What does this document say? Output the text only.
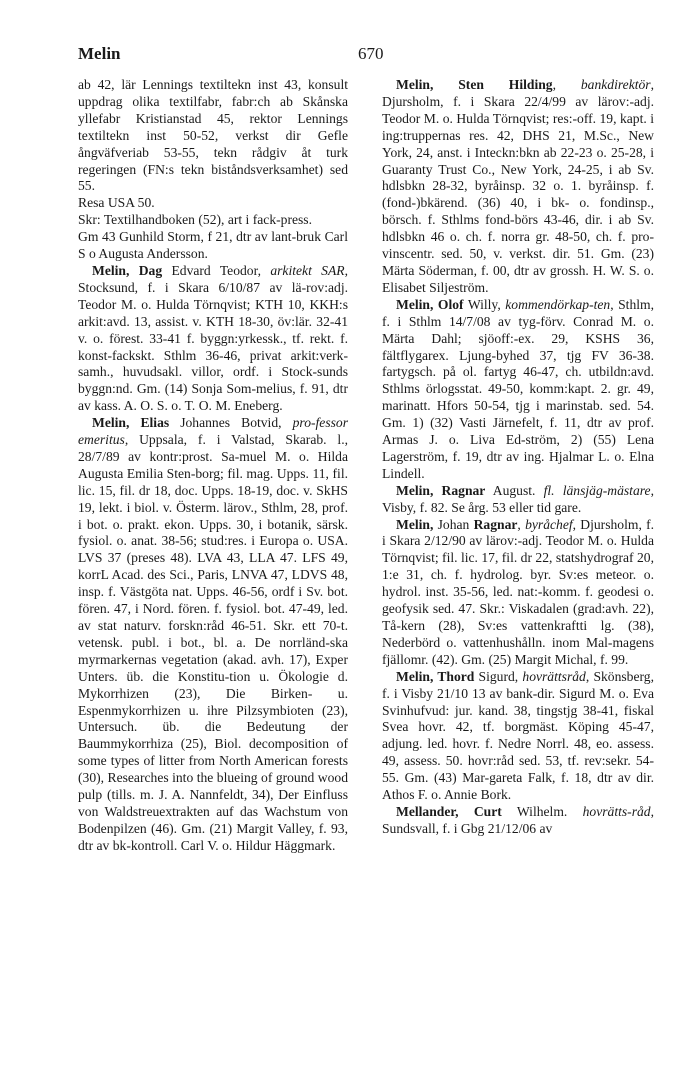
Melin	670

ab 42, lär Lennings textiltekn inst 43, konsult uppdrag olika textilfabr, fabr:ch ab Skånska yllefabr Kristianstad 45, rektor Lennings textiltekn inst 50-52, verkst dir Gefle ångväfveriab 53-55, tekn rådgiv åt turk regeringen (FN:s tekn biståndsverksamhet) sed 55.

Resa USA 50.

Skr: Textilhandboken (52), art i fack-press.

Gm 43 Gunhild Storm, f 21, dtr av lant-bruk Carl S o Augusta Andersson.

Melin, Dag Edvard Teodor, arkitekt SAR, Stocksund, f. i Skara 6/10/87 av lä-rov:adj. Teodor M. o. Hulda Törnqvist; KTH 10, KKH:s arkit:avd. 13, assist. v. KTH 18-30, öv:lär. 32-41 v. o. förest. 33-41 f. byggn:yrkessk., tf. rekt. f. konst-fackskt. Sthlm 36-46, privat arkit:verk-samh., huvudsakl. villor, ordf. i Stock-sunds byggn:nd. Gm. (14) Sonja Som-melius, f. 91, dtr av kass. A. O. S. o. T. O. M. Eneberg.

Melin, Elias Johannes Botvid, pro-fessor emeritus, Uppsala, f. i Valstad, Skarab. l., 28/7/89 av kontr:prost. Sa-muel M. o. Hilda Augusta Emilia Sten-borg; fil. mag. Upps. 11, fil. lic. 15, fil. dr 18, doc. Upps. 18-19, doc. v. SkHS 19, lekt. i biol. v. Österm. lärov., Sthlm, 28, prof. i bot. o. prakt. ekon. Upps. 30, i botanik, särsk. fysiol. o. anat. 38-56; stud:res. i Europa o. USA. LVS 37 (preses 48). LVA 43, LLA 47. LFS 49, korrL Acad. des Sci., Paris, LNVA 47, LDVS 48, insp. f. Västgöta nat. Upps. 46-56, ordf i Sv. bot. fören. 47, i Nord. fören. f. fysiol. bot. 47-49, led. av stat naturv. forskn:råd 46-51. Skr. ett 70-t. vetensk. publ. i bot., bl. a. De norrländ-ska myrmarkernas vegetation (akad. avh. 17), Exper Unters. üb. die Konstitu-tion u. Ökologie d. Mykorrhizen (23), Die Birken- u. Espenmykorrhizen u. ihre Pilzsymbioten (23), Untersuch. üb. die Bedeutung der Baummykorrhiza (25), Biol. decomposition of some types of litter from North American forests (30), Researches into the blueing of ground wood pulp (tills. m. J. A. Nannfeldt, 34), Der Einfluss von Waldstreuextrakten auf das Wachstum von Bodenpilzen (46). Gm. (21) Margit Valley, f. 93, dtr av bk-kontroll. Carl V. o. Hildur Häggmark.

Melin, Sten Hilding, bankdirektör, Djursholm, f. i Skara 22/4/99 av lärov:-adj. Teodor M. o. Hulda Törnqvist; res:-off. 19, kapt. i ing:truppernas res. 42, DHS 21, M.Sc., New York, 24, anst. i Inteckn:bkn ab 22-23 o. 25-28, i Guaranty Trust Co., New York, 24-25, i ab Sv. hdlsbkn 28-32, byråinsp. 32 o. 1. byråinsp. f. (fond-)bkärend. (36) 40, i bk- o. fondinsp., börsch. f. Sthlms fond-börs 43-46, dir. i ab Sv. hdlsbkn 46 o. ch. f. norra gr. 48-50, ch. f. pro-vinscentr. sed. 50, v. verkst. dir. 51. Gm. (23) Märta Söderman, f. 00, dtr av grossh. H. W. S. o. Elisabet Siljeström.

Melin, Olof Willy, kommendörkap-ten, Sthlm, f. i Sthlm 14/7/08 av tyg-förv. Conrad M. o. Märta Dahl; sjöoff:-ex. 29, KSHS 36, fältflygarex. Ljung-byhed 37, tjg FV 36-38. fartygsch. på ol. fartyg 46-47, ch. utbildn:avd. Sthlms örlogsstat. 49-50, komm:kapt. 2. gr. 49, marinatt. Hfors 50-54, tjg i marinstab. sed. 54. Gm. 1) (32) Vasti Järnefelt, f. 11, dtr av prof. Armas J. o. Liva Ed-ström, 2) (55) Lena Lagerström, f. 19, dtr av ing. Hjalmar L. o. Elna Lindell.

Melin, Ragnar August. fl. länsjäg-mästare, Visby, f. 82. Se årg. 53 eller tid gare.

Melin, Johan Ragnar, byråchef, Djursholm, f. i Skara 2/12/90 av lärov:-adj. Teodor M. o. Hulda Törnqvist; fil. lic. 17, fil. dr 22, statshydrograf 20, 1:e 31, ch. f. hydrolog. byr. Sv:es meteor. o. hydrol. inst. 35-56, led. nat:-komm. f. geodesi o. geofysik sed. 47. Skr.: Viskadalen (grad:avh. 22), Tå-kern (28), Sv:es vattenkraftti lg. (38), Nederbörd o. vattenhushålln. inom Mal-magens fjällomr. (42). Gm. (25) Margit Michal, f. 99.

Melin, Thord Sigurd, hovrättsråd, Skönsberg, f. i Visby 21/10 13 av bank-dir. Sigurd M. o. Eva Svinhufvud: jur. kand. 38, tingstjg 38-41, fiskal Svea hovr. 42, tf. borgmäst. Köping 45-47, adjung. led. hovr. f. Nedre Norrl. 48, eo. assess. 49, assess. 50. hovr:råd sed. 53, tf. rev:sekr. 54-55. Gm. (43) Mar-gareta Falk, f. 18, dtr av dir. Athos F. o. Annie Bork.

Mellander, Curt Wilhelm. hovrätts-råd, Sundsvall, f. i Gbg 21/12/06 av
